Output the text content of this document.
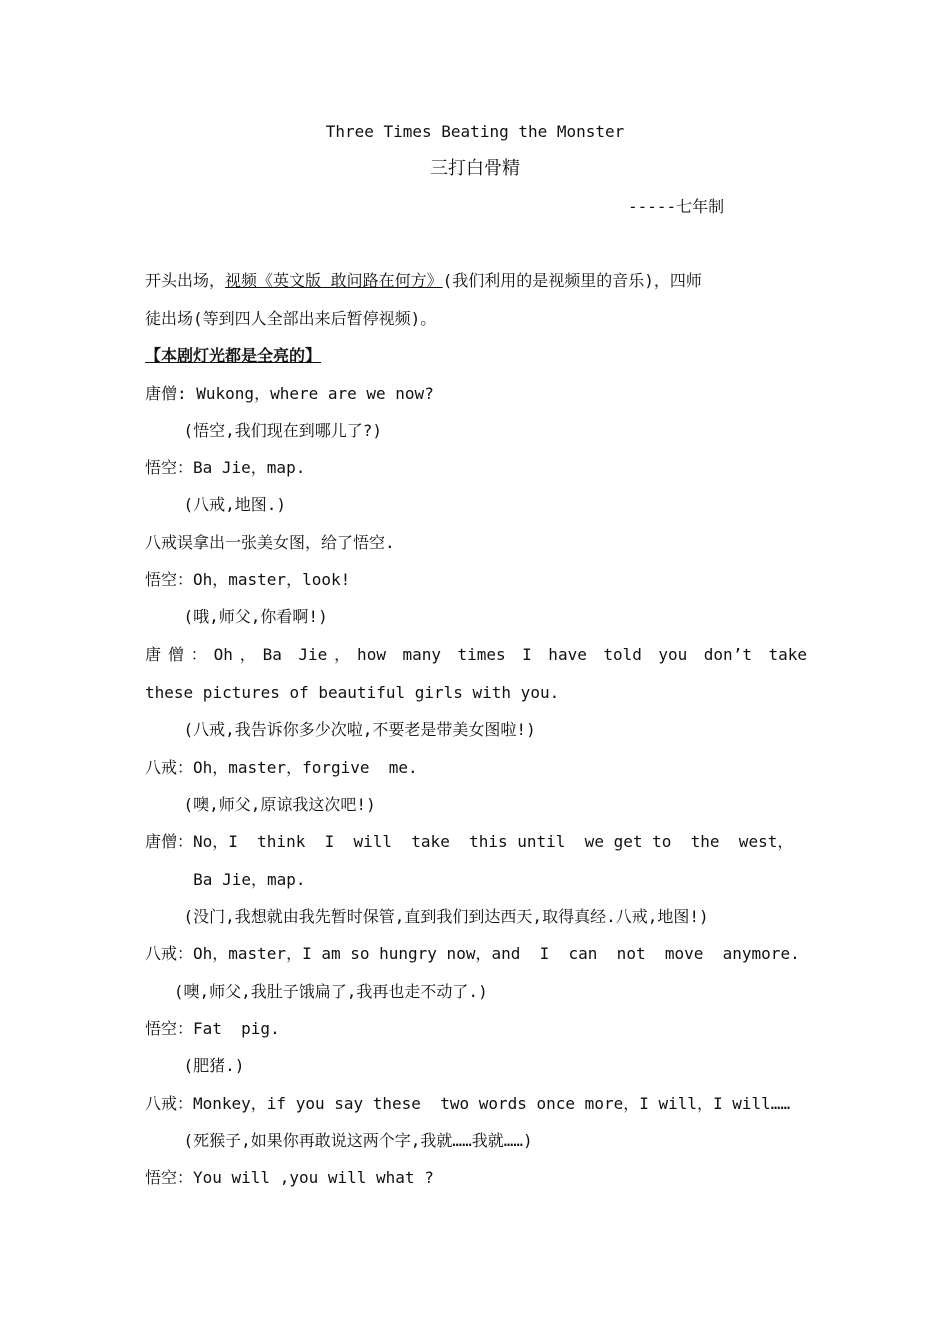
Three Times Beating the Monster
三打白骨精
-----七年制
开头出场，视频《英文版 敢问路在何方》(我们利用的是视频里的音乐)，四师
徒出场(等到四人全部出来后暂停视频)。
【本剧灯光都是全亮的】
唐僧: Wukong，where are we now?
(悟空,我们现在到哪儿了?)
悟空：Ba Jie，map.
(八戒,地图.)
八戒误拿出一张美女图，给了悟空.
悟空：Oh，master，look!
(哦,师父,你看啊!)
唐僧：Oh，Ba Jie，how many times I have told you don’t take
these pictures of beautiful girls with you.
(八戒,我告诉你多少次啦,不要老是带美女图啦!)
八戒：Oh，master，forgive  me.
(噢,师父,原谅我这次吧!)
唐僧：No，I  think  I  will  take  this until  we get to  the  west，
Ba Jie，map.
(没门,我想就由我先暂时保管,直到我们到达西天,取得真经.八戒,地图!)
八戒：Oh，master，I am so hungry now，and  I  can  not  move  anymore.
(噢,师父,我肚子饿扁了,我再也走不动了.)
悟空：Fat  pig.
(肥猪.)
八戒：Monkey，if you say these  two words once more，I will，I will……
(死猴子,如果你再敢说这两个字,我就……我就……)
悟空：You will ,you will what ?
